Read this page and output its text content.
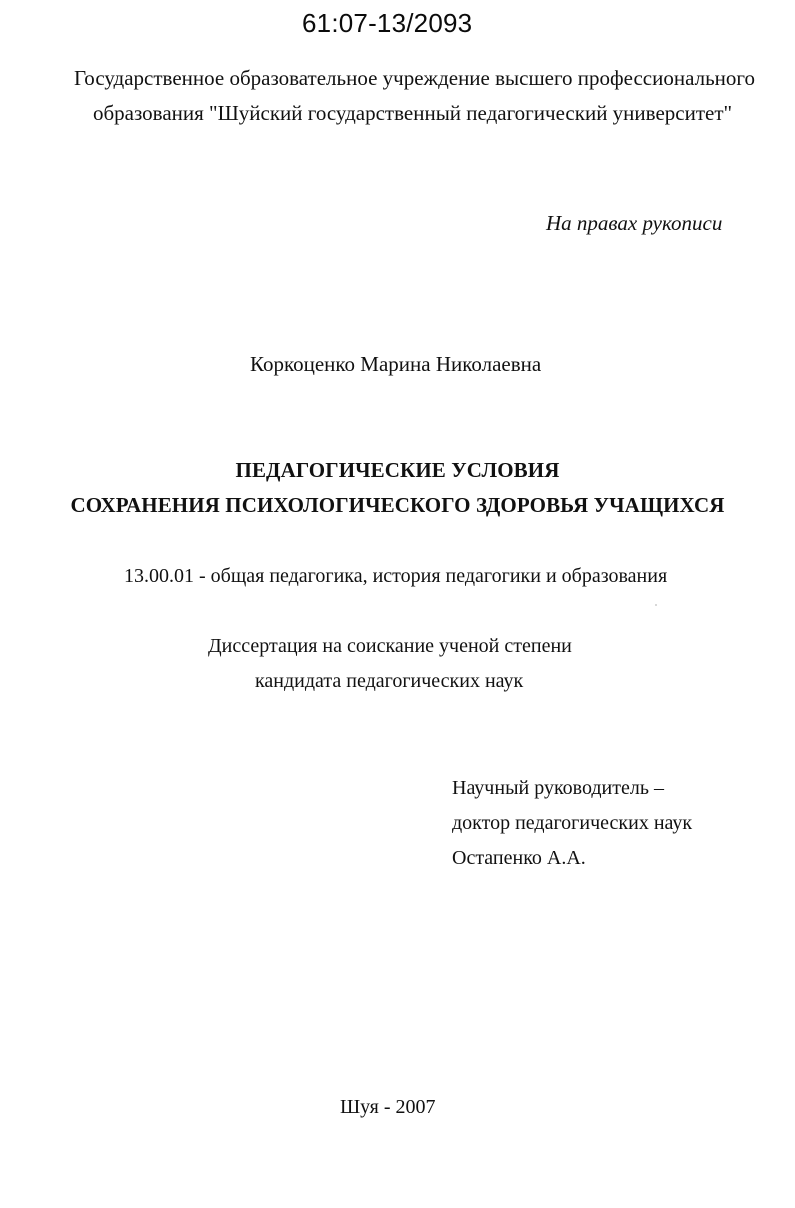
61:07-13/2093
Государственное образовательное учреждение высшего профессионального
образования "Шуйский государственный педагогический университет"
На правах рукописи
Коркоценко Марина Николаевна
ПЕДАГОГИЧЕСКИЕ УСЛОВИЯ
СОХРАНЕНИЯ ПСИХОЛОГИЧЕСКОГО ЗДОРОВЬЯ УЧАЩИХСЯ
13.00.01 - общая педагогика, история педагогики и образования
Диссертация на соискание ученой степени
кандидата педагогических наук
Научный руководитель –
доктор педагогических наук
Остапенко А.А.
Шуя - 2007
